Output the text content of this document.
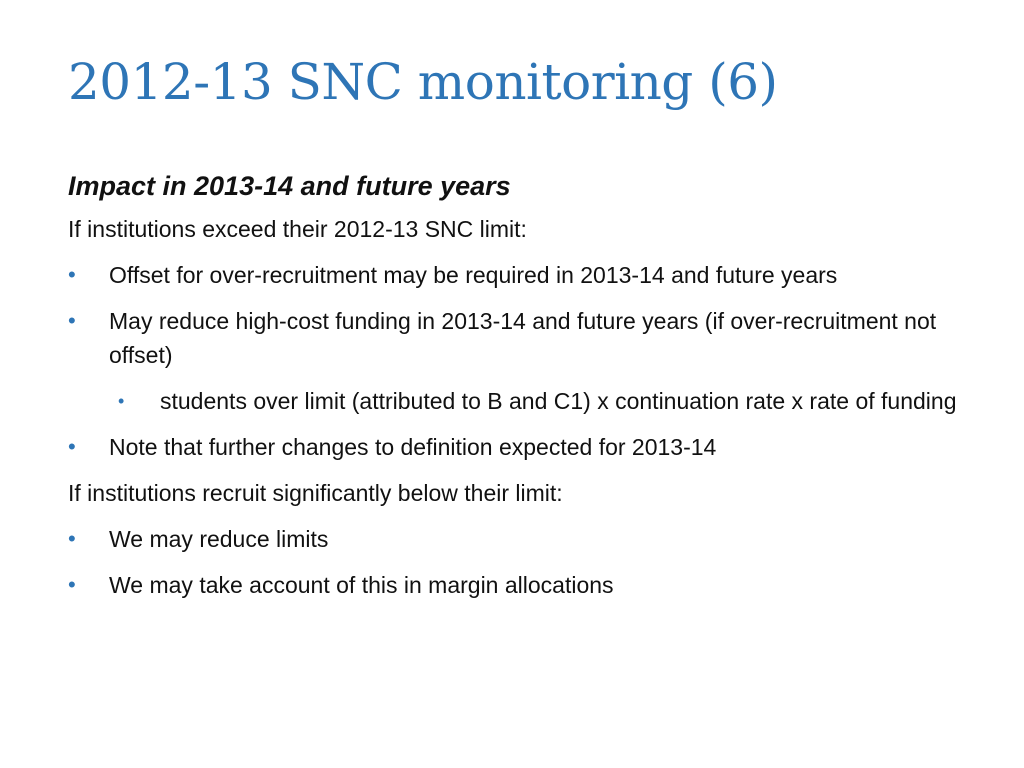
2012-13 SNC monitoring (6)
Impact in 2013-14 and future years
If institutions exceed their 2012-13 SNC limit:
•	Offset for over-recruitment may be required in 2013-14 and future years
•	May reduce high-cost funding in 2013-14 and future years (if over-recruitment not offset)
•	students over limit (attributed to B and C1) x continuation rate x rate of funding
•	Note that further changes to definition expected for 2013-14
If institutions recruit significantly below their limit:
•	We may reduce limits
•	We may take account of this in margin allocations
